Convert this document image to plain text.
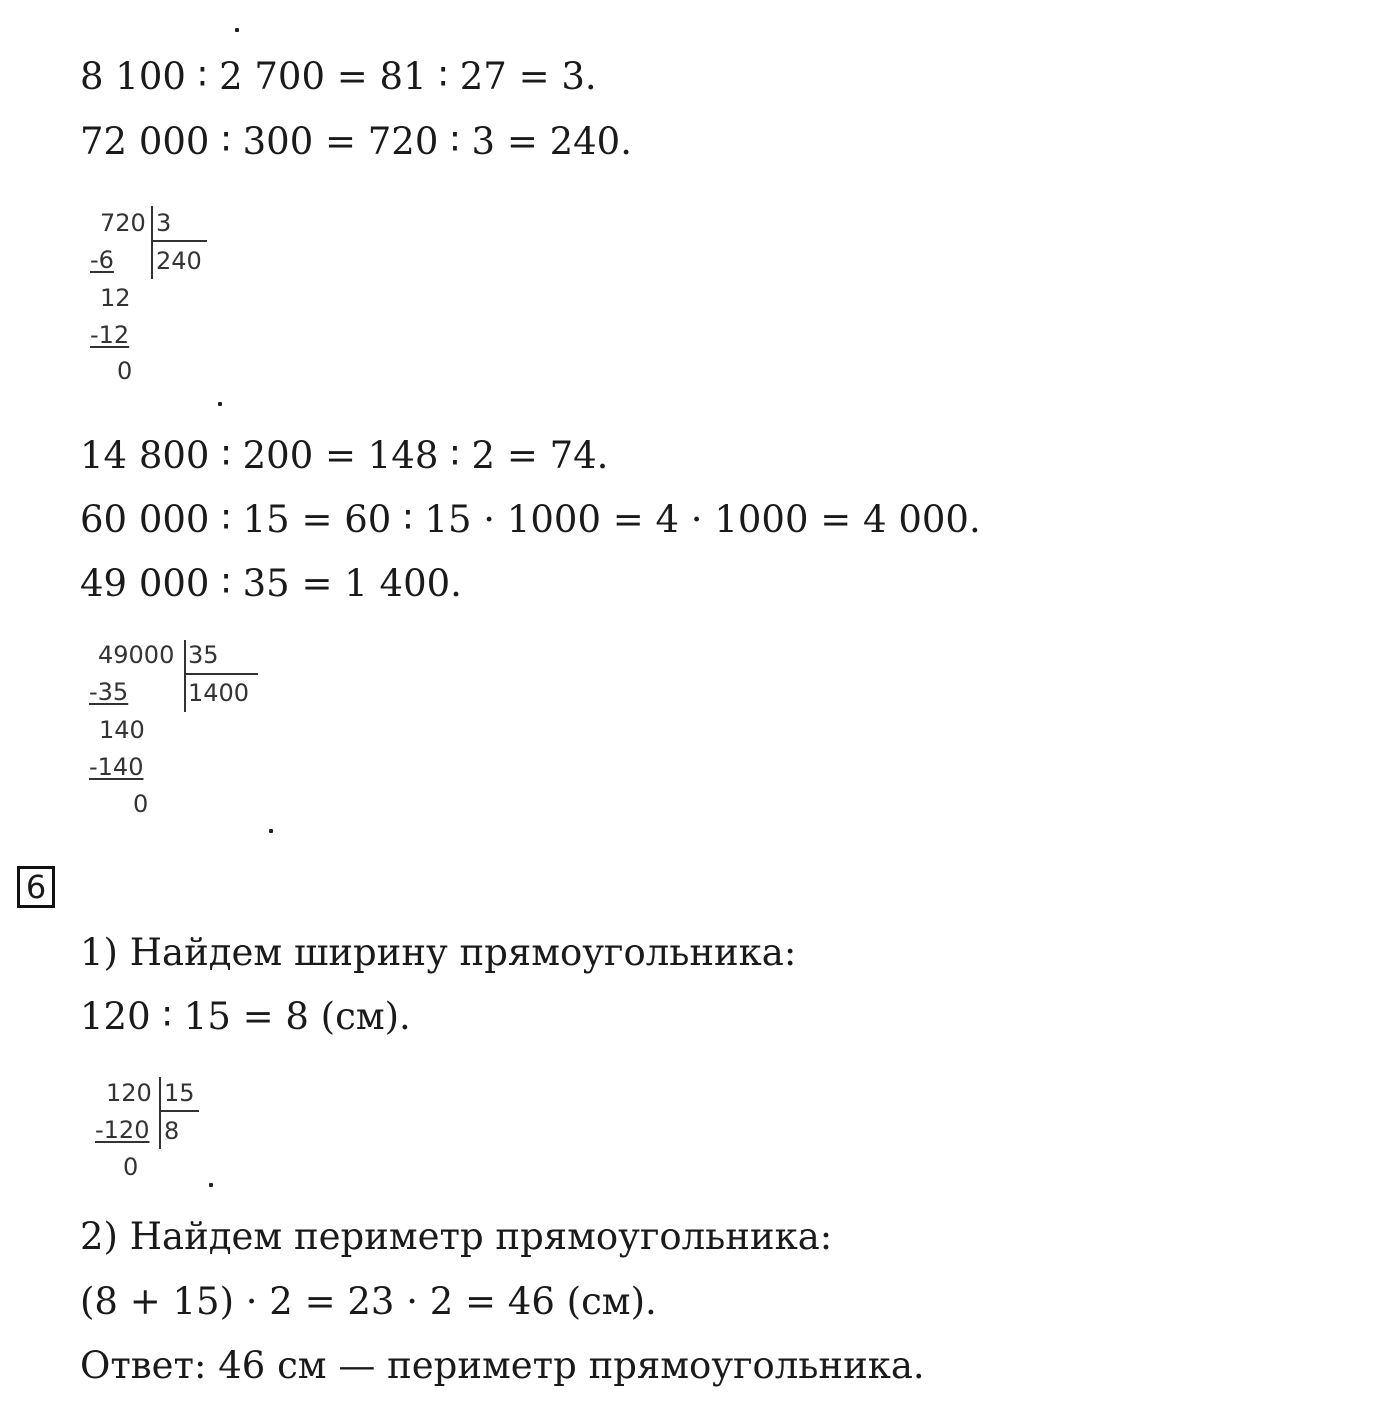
8 100 ∶ 2 700 = 81 ∶ 27 = 3.
72 000 ∶ 300 = 720 ∶ 3 = 240.
720 3
240
-6
12
-12
0
14 800 ∶ 200 = 148 ∶ 2 = 74.
60 000 ∶ 15 = 60 ∶ 15 · 1000 = 4 · 1000 = 4 000.
49 000 ∶ 35 = 1 400.
49000 35
1400
-35
140
-140
0
6
1) Найдем ширину прямоугольника:
120 ∶ 15 = 8 (см).
120 15
8
-120
0
2) Найдем периметр прямоугольника:
(8 + 15) · 2 = 23 · 2 = 46 (см).
Ответ: 46 см — периметр прямоугольника.
